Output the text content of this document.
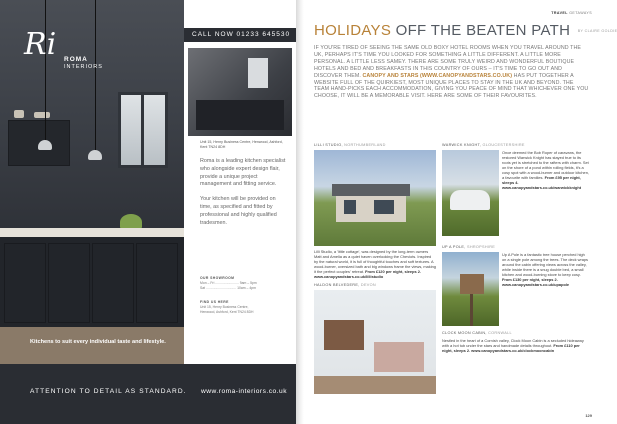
Ri ROMA
INTERIORS
CALL NOW 01233 645530
Unit 15, Henry Business Centre, Henwood, Ashford, Kent TN24 8DH

Roma is a leading kitchen specialist who alongside expert design flair, provide a unique project management and fitting service.

Your kitchen will be provided on time, as specified and fitted by professional and highly qualified tradesmen.

OUR SHOWROOM
Mon – Fri ......................... 9am – 5pm
Sat ................................ 10am – 4pm
FIND US HERE
Unit 15, Henry Business Centre,
Henwood, Ashford, Kent TN24 8DH
Kitchens to suit every individual taste and lifestyle.
ATTENTION TO DETAIL AS STANDARD. www.roma-interiors.co.uk
TRAVEL GETAWAYS
HOLIDAYS OFF THE BEATEN PATH BY CLAIRE GOLDIE
IF YOU'RE TIRED OF SEEING THE SAME OLD BOXY HOTEL ROOMS WHEN YOU TRAVEL AROUND THE UK, PERHAPS IT'S TIME YOU LOOKED FOR SOMETHING A LITTLE DIFFERENT. A LITTLE MORE PERSONAL. A LITTLE LESS SAMEY. THERE ARE SOME TRULY WEIRD AND WONDERFUL BOUTIQUE HOTELS AND BED AND BREAKFASTS IN THIS COUNTRY OF OURS – IT'S TIME TO GO OUT AND DISCOVER THEM. CANOPY AND STARS (WWW.CANOPYANDSTARS.CO.UK) HAS PUT TOGETHER A WEBSITE FULL OF THE QUIRKIEST, MOST UNIQUE PLACES TO STAY IN THE UK AND BEYOND. THE TEAM HAND-PICKS EACH ACCOMMODATION, GIVING YOU PEACE OF MIND THAT WHICHEVER ONE YOU CHOOSE, IT WILL BE A MEMORABLE VISIT. HERE ARE SOME OF THEIR FAVOURITES.
LILLI STUDIO, NORTHUMBERLAND
Lilli Studio, a 'little cottage', was designed by the long-term owners Matt and Amelia as a quiet haven overlooking the Cheviots. Inspired by the natural world, it is full of thoughtful touches and soft textures. A wood-burner, oversized bath and big windows frame the views, making it the perfect couples' retreat. From £120 per night, sleeps 2. www.canopyandstars.co.uk/lillistudio
WARWICK KNIGHT, GLOUCESTERSHIRE
Once deemed the Bob Roper of caravans, the restored Warwick Knight has stayed true to its roots yet is stretched to the rafters with charm. Set on the shore of a pond within rolling fields, it's a cosy spot with a wood-burner and outdoor kitchen, a favourite with families. From £95 per night, sleeps 4. www.canopyandstars.co.uk/warwickknight
HALDON BELVEDERE, DEVON
UP A POLE, SHROPSHIRE
Up A Pole is a fantastic tree house perched high on a single pole among the trees. The deck wraps around the cabin offering views across the valley, while inside there is a snug double bed, a small kitchen and wood-burning stove to keep cosy. From £130 per night, sleeps 2. www.canopyandstars.co.uk/upapole
CLOCK MOON CABIN, CORNWALL
Nestled in the heart of a Cornish valley, Clock Moon Cabin is a secluded hideaway with a hot tub under the stars and handmade details throughout. From £110 per night, sleeps 2. www.canopyandstars.co.uk/clockmooncabin
129
